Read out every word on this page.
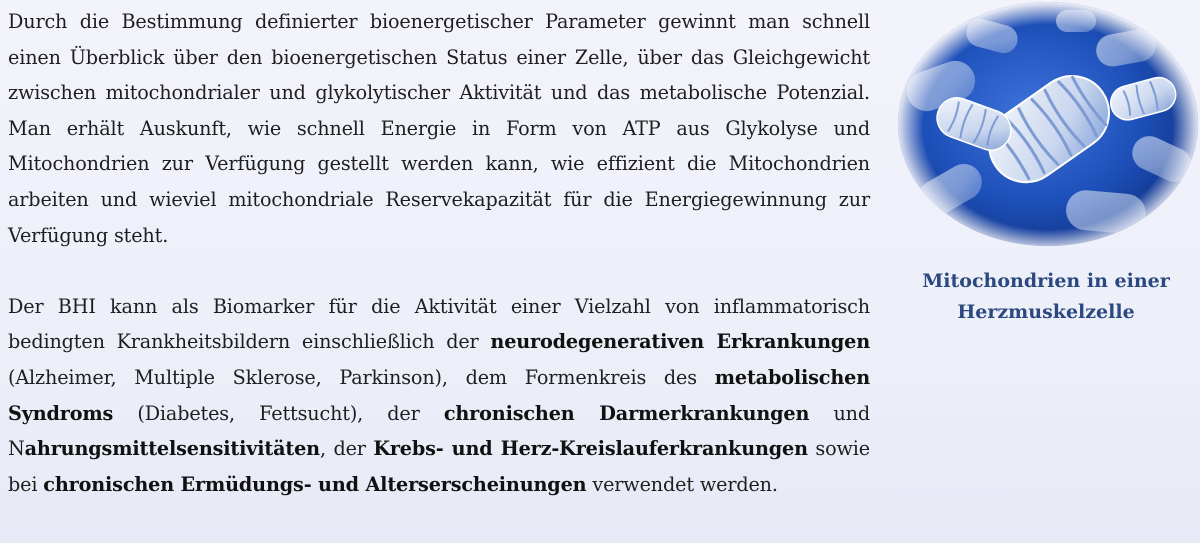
Durch die Bestimmung definierter bioenergetischer Parameter gewinnt man schnell einen Überblick über den bioenergetischen Status einer Zelle, über das Gleichgewicht zwischen mitochondrialer und glykolytischer Aktivität und das metabolische Potenzial. Man erhält Auskunft, wie schnell Energie in Form von ATP aus Glykolyse und Mitochondrien zur Verfügung gestellt werden kann, wie effizient die Mitochondrien arbeiten und wieviel mitochondriale Reservekapazität für die Energiegewinnung zur Verfügung steht.

Der BHI kann als Biomarker für die Aktivität einer Vielzahl von inflammatorisch bedingten Krankheitsbildern einschließlich der neurodegenerativen Erkrankungen (Alzheimer, Multiple Sklerose, Parkinson), dem Formenkreis des metabolischen Syndroms (Diabetes, Fettsucht), der chronischen Darmerkrankungen und Nahrungsmittelsensitivitäten, der Krebs- und Herz-Kreislauferkrankungen sowie bei chronischen Ermüdungs- und Alterserscheinungen verwendet werden.

Mitochondrien in einer
Herzmuskelzelle
